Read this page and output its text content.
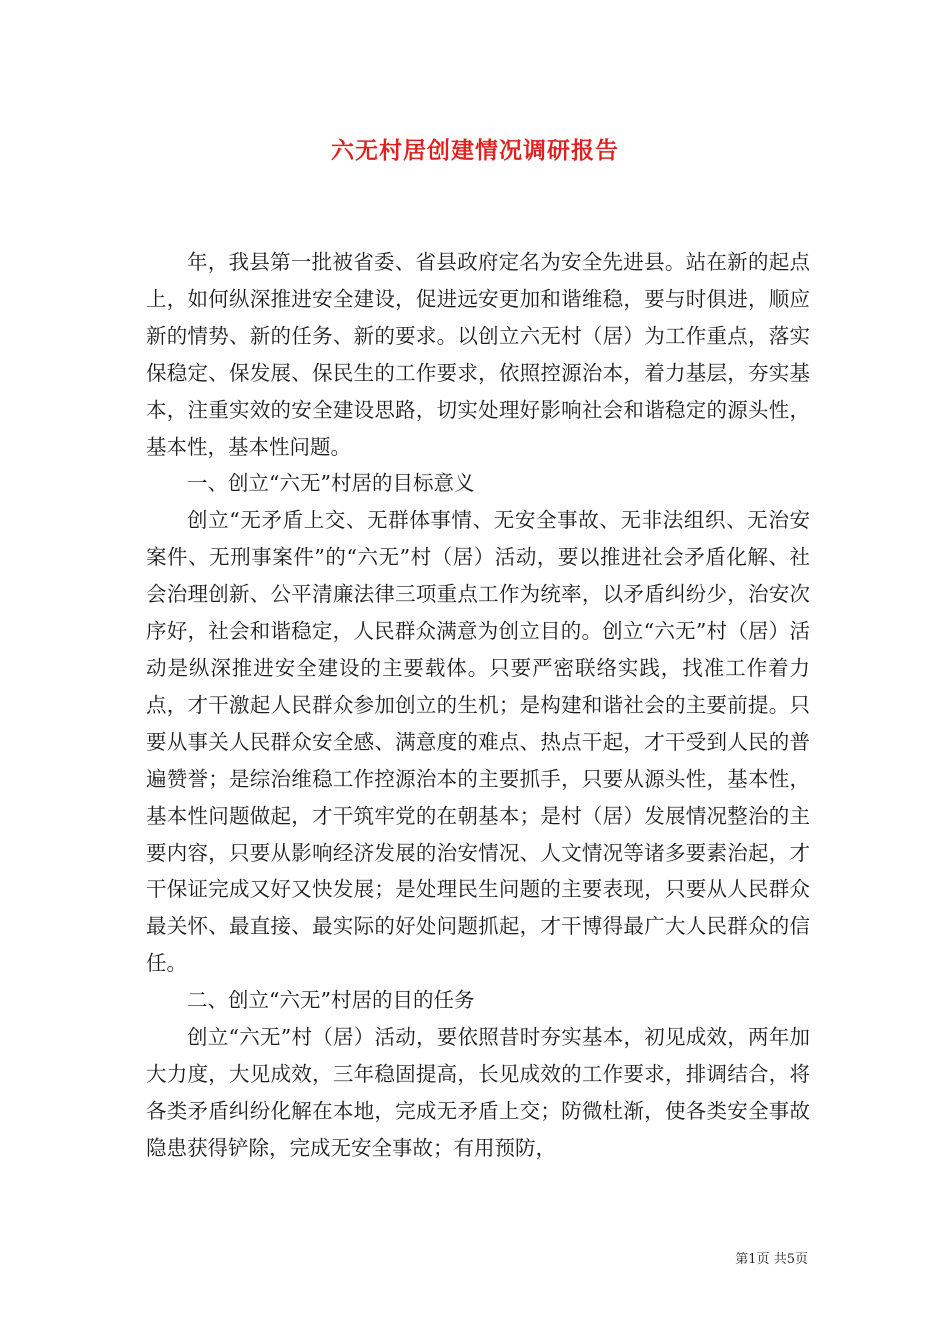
六无村居创建情况调研报告

年，我县第一批被省委、省县政府定名为安全先进县。站在新的起点上，如何纵深推进安全建设，促进远安更加和谐维稳，要与时俱进，顺应新的情势、新的任务、新的要求。以创立六无村（居）为工作重点，落实保稳定、保发展、保民生的工作要求，依照控源治本，着力基层，夯实基本，注重实效的安全建设思路，切实处理好影响社会和谐稳定的源头性，基本性，基本性问题。

一、创立“六无”村居的目标意义

创立“无矛盾上交、无群体事情、无安全事故、无非法组织、无治安案件、无刑事案件”的“六无”村（居）活动，要以推进社会矛盾化解、社会治理创新、公平清廉法律三项重点工作为统率，以矛盾纠纷少，治安次序好，社会和谐稳定，人民群众满意为创立目的。创立“六无”村（居）活动是纵深推进安全建设的主要载体。只要严密联络实践，找准工作着力点，才干激起人民群众参加创立的生机；是构建和谐社会的主要前提。只要从事关人民群众安全感、满意度的难点、热点干起，才干受到人民的普遍赞誉；是综治维稳工作控源治本的主要抓手，只要从源头性，基本性，基本性问题做起，才干筑牢党的在朝基本；是村（居）发展情况整治的主要内容，只要从影响经济发展的治安情况、人文情况等诸多要素治起，才干保证完成又好又快发展；是处理民生问题的主要表现，只要从人民群众最关怀、最直接、最实际的好处问题抓起，才干博得最广大人民群众的信任。

二、创立“六无”村居的目的任务

创立“六无”村（居）活动，要依照昔时夯实基本，初见成效，两年加大力度，大见成效，三年稳固提高，长见成效的工作要求，排调结合，将各类矛盾纠纷化解在本地，完成无矛盾上交；防微杜渐，使各类安全事故隐患获得铲除，完成无安全事故；有用预防，

第1页 共5页
